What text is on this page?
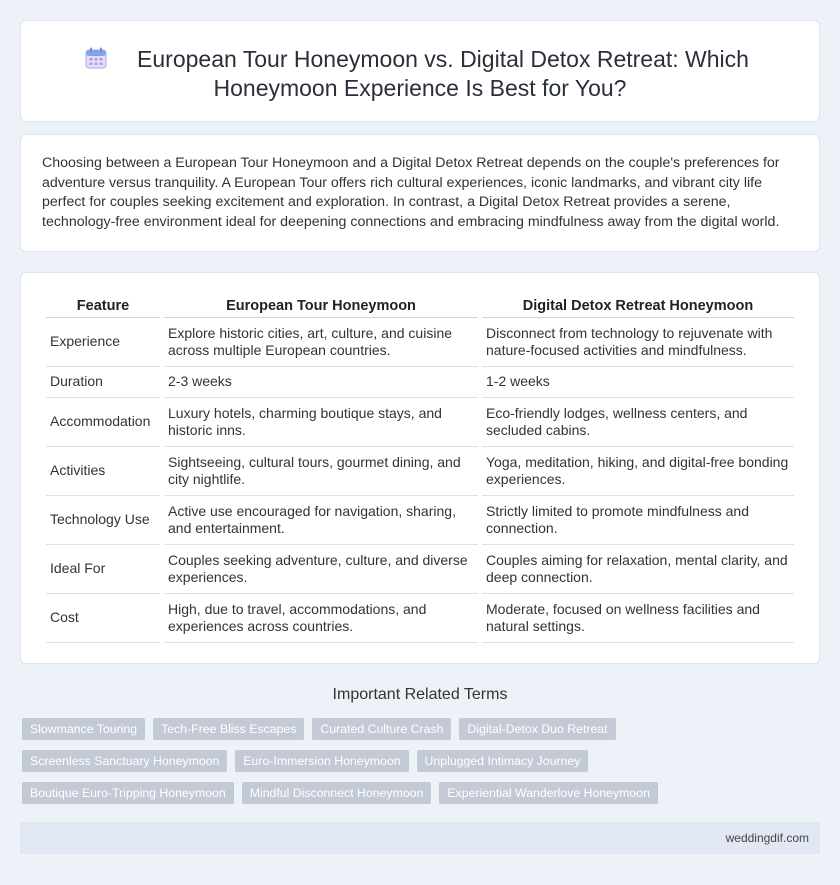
European Tour Honeymoon vs. Digital Detox Retreat: Which Honeymoon Experience Is Best for You?

Choosing between a European Tour Honeymoon and a Digital Detox Retreat depends on the couple's preferences for adventure versus tranquility. A European Tour offers rich cultural experiences, iconic landmarks, and vibrant city life perfect for couples seeking excitement and exploration. In contrast, a Digital Detox Retreat provides a serene, technology-free environment ideal for deepening connections and embracing mindfulness away from the digital world.

Feature	European Tour Honeymoon	Digital Detox Retreat Honeymoon
Experience	Explore historic cities, art, culture, and cuisine across multiple European countries.	Disconnect from technology to rejuvenate with nature-focused activities and mindfulness.
Duration	2-3 weeks	1-2 weeks
Accommodation	Luxury hotels, charming boutique stays, and historic inns.	Eco-friendly lodges, wellness centers, and secluded cabins.
Activities	Sightseeing, cultural tours, gourmet dining, and city nightlife.	Yoga, meditation, hiking, and digital-free bonding experiences.
Technology Use	Active use encouraged for navigation, sharing, and entertainment.	Strictly limited to promote mindfulness and connection.
Ideal For	Couples seeking adventure, culture, and diverse experiences.	Couples aiming for relaxation, mental clarity, and deep connection.
Cost	High, due to travel, accommodations, and experiences across countries.	Moderate, focused on wellness facilities and natural settings.
Important Related Terms
Slowmance Touring	Tech-Free Bliss Escapes	Curated Culture Crash	Digital-Detox Duo Retreat
Screenless Sanctuary Honeymoon	Euro-Immersion Honeymoon	Unplugged Intimacy Journey
Boutique Euro-Tripping Honeymoon	Mindful Disconnect Honeymoon	Experiential Wanderlove Honeymoon
weddingdif.com
